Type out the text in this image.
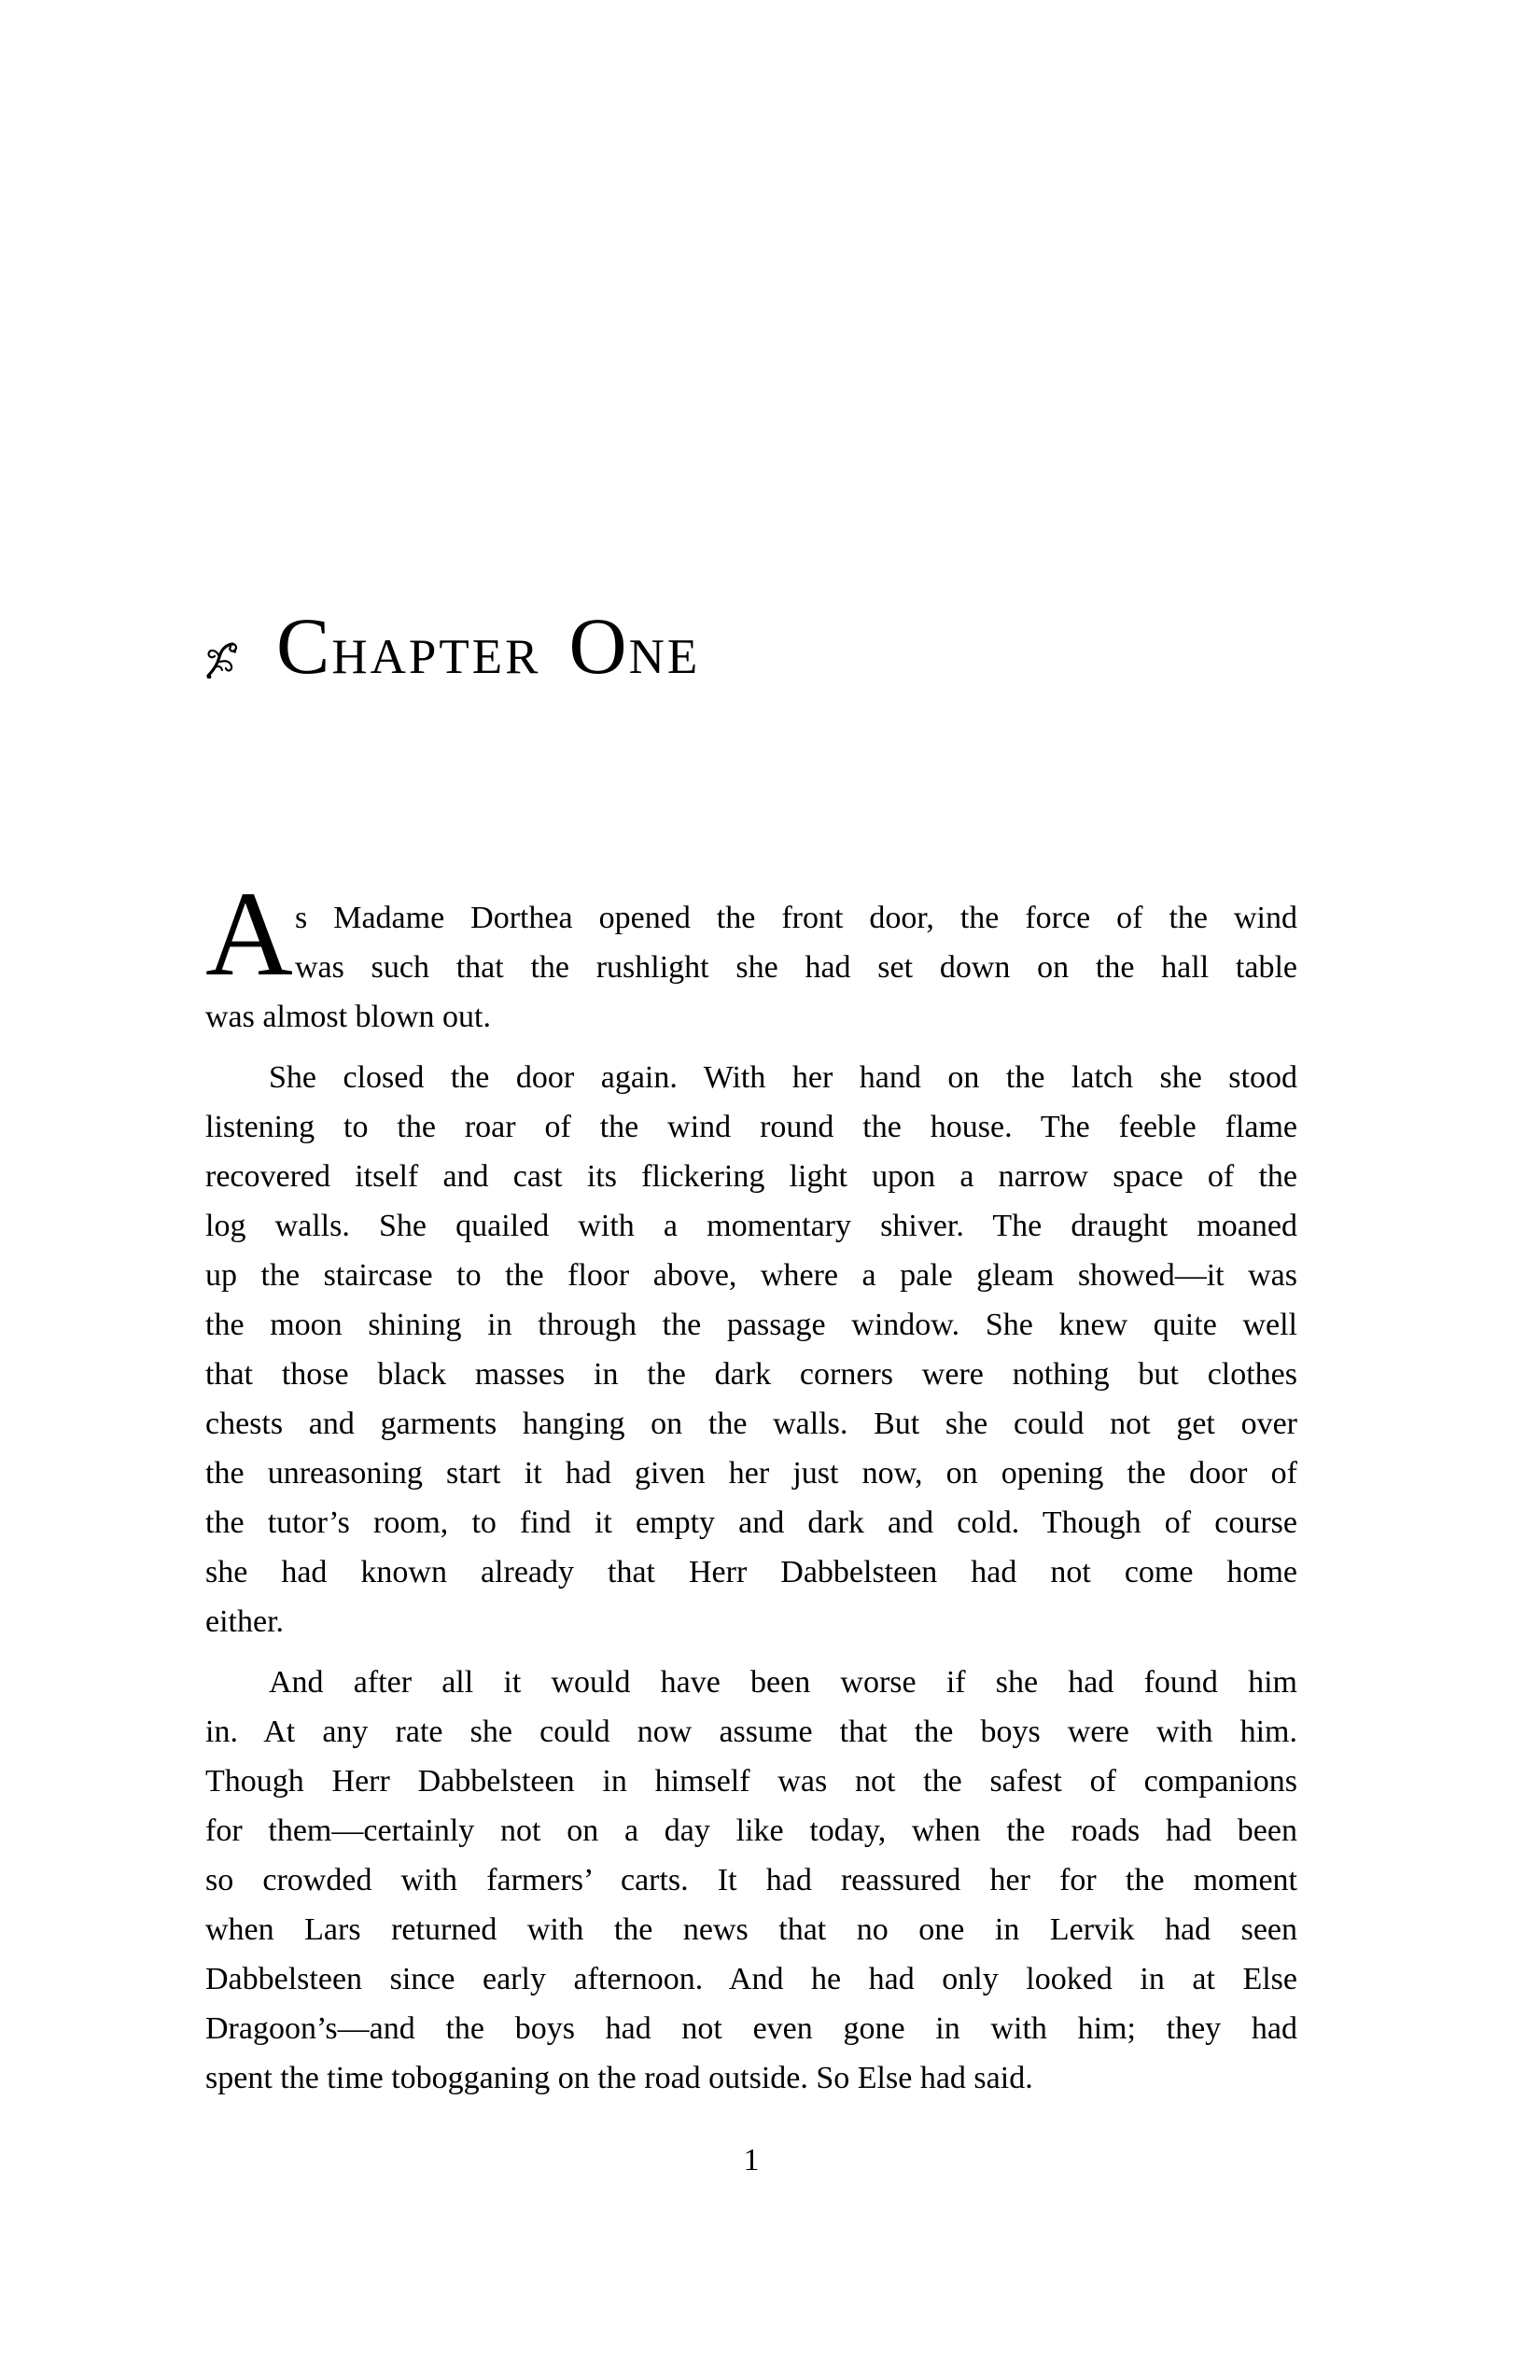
CHAPTER ONE

A s Madame Dorthea opened the front door, the force of the wind
was such that the rushlight she had set down on the hall table
was almost blown out.

She closed the door again. With her hand on the latch she stood
listening to the roar of the wind round the house. The feeble flame
recovered itself and cast its flickering light upon a narrow space of the
log walls. She quailed with a momentary shiver. The draught moaned
up the staircase to the floor above, where a pale gleam showed—it was
the moon shining in through the passage window. She knew quite well
that those black masses in the dark corners were nothing but clothes
chests and garments hanging on the walls. But she could not get over
the unreasoning start it had given her just now, on opening the door of
the tutor’s room, to find it empty and dark and cold. Though of course
she had known already that Herr Dabbelsteen had not come home
either.

And after all it would have been worse if she had found him
in. At any rate she could now assume that the boys were with him.
Though Herr Dabbelsteen in himself was not the safest of companions
for them—certainly not on a day like today, when the roads had been
so crowded with farmers’ carts. It had reassured her for the moment
when Lars returned with the news that no one in Lervik had seen
Dabbelsteen since early afternoon. And he had only looked in at Else
Dragoon’s—and the boys had not even gone in with him; they had
spent the time tobogganing on the road outside. So Else had said.

1
